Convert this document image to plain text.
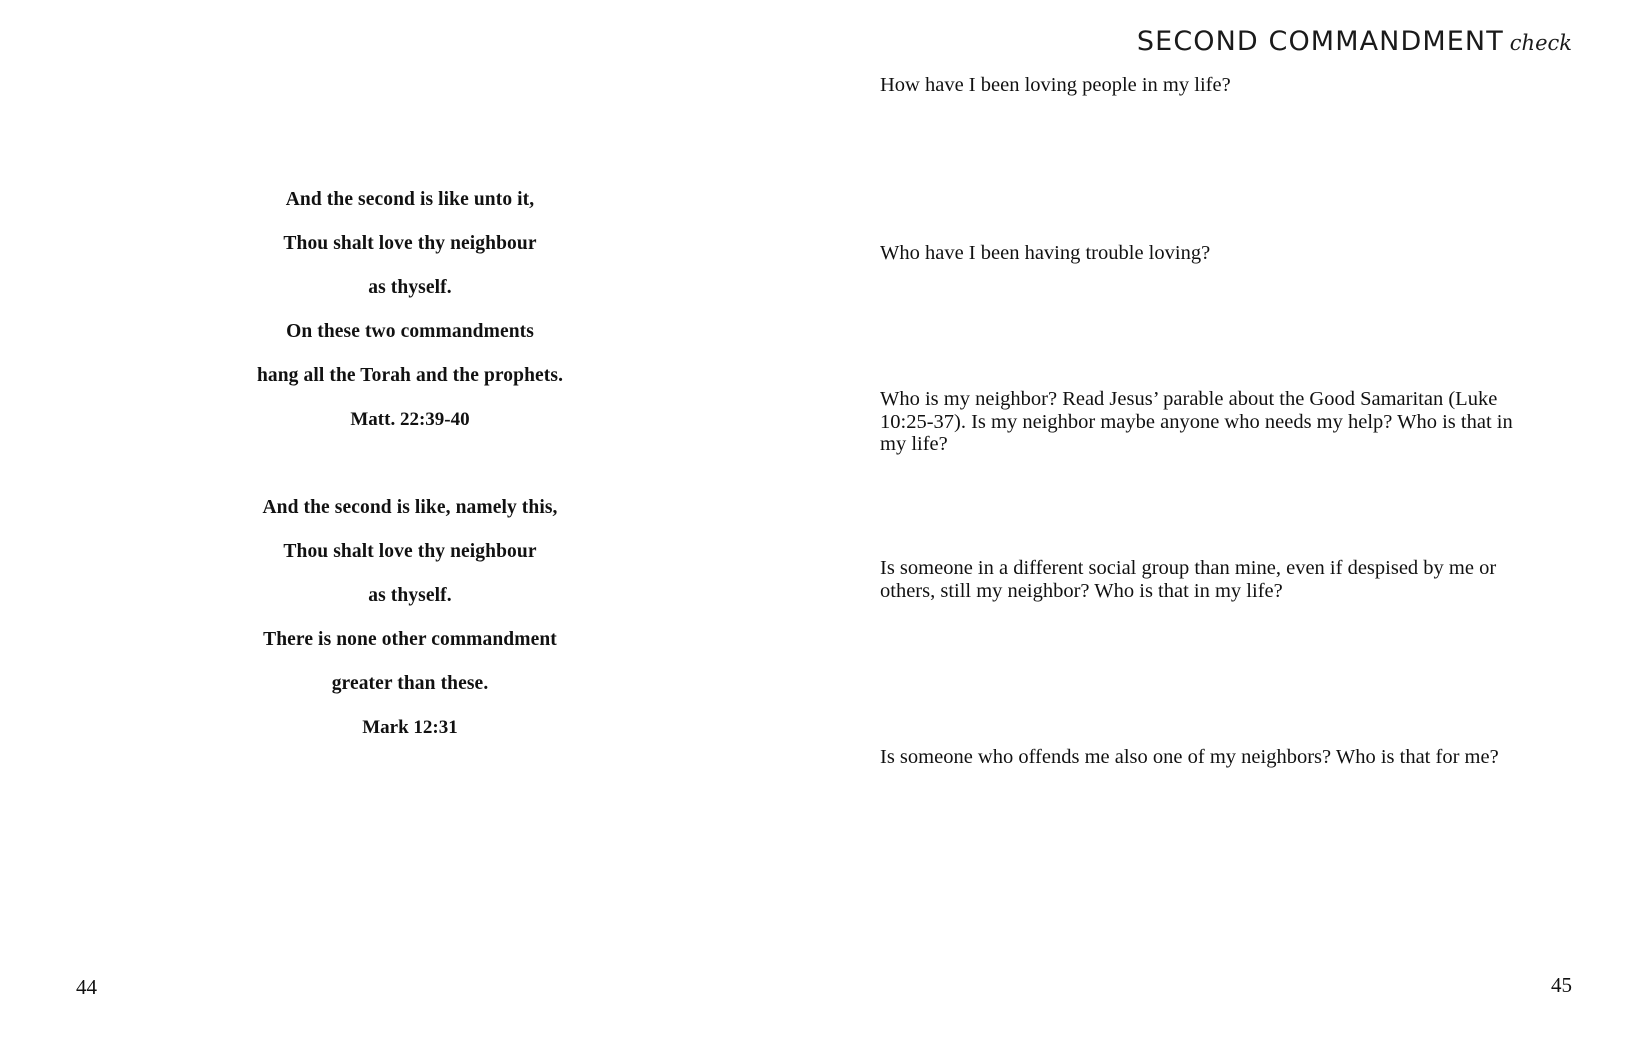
And the second is like unto it,
Thou shalt love thy neighbour
as thyself.
On these two commandments
hang all the Torah and the prophets.
Matt. 22:39-40
And the second is like, namely this,
Thou shalt love thy neighbour
as thyself.
There is none other commandment
greater than these.
Mark 12:31
44
SECOND COMMANDMENT check
How have I been loving people in my life?
Who have I been having trouble loving?
Who is my neighbor? Read Jesus’ parable about the Good Samaritan (Luke 10:25-37). Is my neighbor maybe anyone who needs my help? Who is that in my life?
Is someone in a different social group than mine, even if despised by me or others, still my neighbor? Who is that in my life?
Is someone who offends me also one of my neighbors? Who is that for me?
45
